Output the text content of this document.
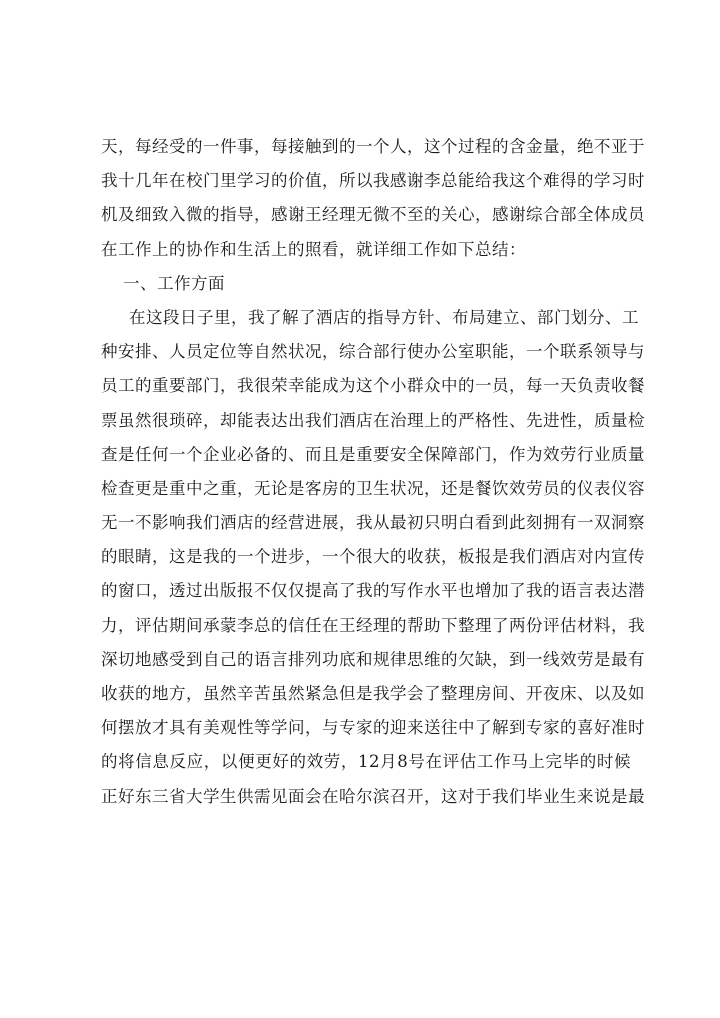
天，每经受的一件事，每接触到的一个人，这个过程的含金量，绝不亚于
我十几年在校门里学习的价值，所以我感谢李总能给我这个难得的学习时
机及细致入微的指导，感谢王经理无微不至的关心，感谢综合部全体成员
在工作上的协作和生活上的照看，就详细工作如下总结：
一、工作方面
在这段日子里，我了解了酒店的指导方针、布局建立、部门划分、工
种安排、人员定位等自然状况，综合部行使办公室职能，一个联系领导与
员工的重要部门，我很荣幸能成为这个小群众中的一员，每一天负责收餐
票虽然很琐碎，却能表达出我们酒店在治理上的严格性、先进性，质量检
查是任何一个企业必备的、而且是重要安全保障部门，作为效劳行业质量
检查更是重中之重，无论是客房的卫生状况，还是餐饮效劳员的仪表仪容
无一不影响我们酒店的经营进展，我从最初只明白看到此刻拥有一双洞察
的眼睛，这是我的一个进步，一个很大的收获，板报是我们酒店对内宣传
的窗口，透过出版报不仅仅提高了我的写作水平也增加了我的语言表达潜
力，评估期间承蒙李总的信任在王经理的帮助下整理了两份评估材料，我
深切地感受到自己的语言排列功底和规律思维的欠缺，到一线效劳是最有
收获的地方，虽然辛苦虽然紧急但是我学会了整理房间、开夜床、以及如
何摆放才具有美观性等学问，与专家的迎来送往中了解到专家的喜好准时
的将信息反应，以便更好的效劳，12月8号在评估工作马上完毕的时候
正好东三省大学生供需见面会在哈尔滨召开，这对于我们毕业生来说是最
